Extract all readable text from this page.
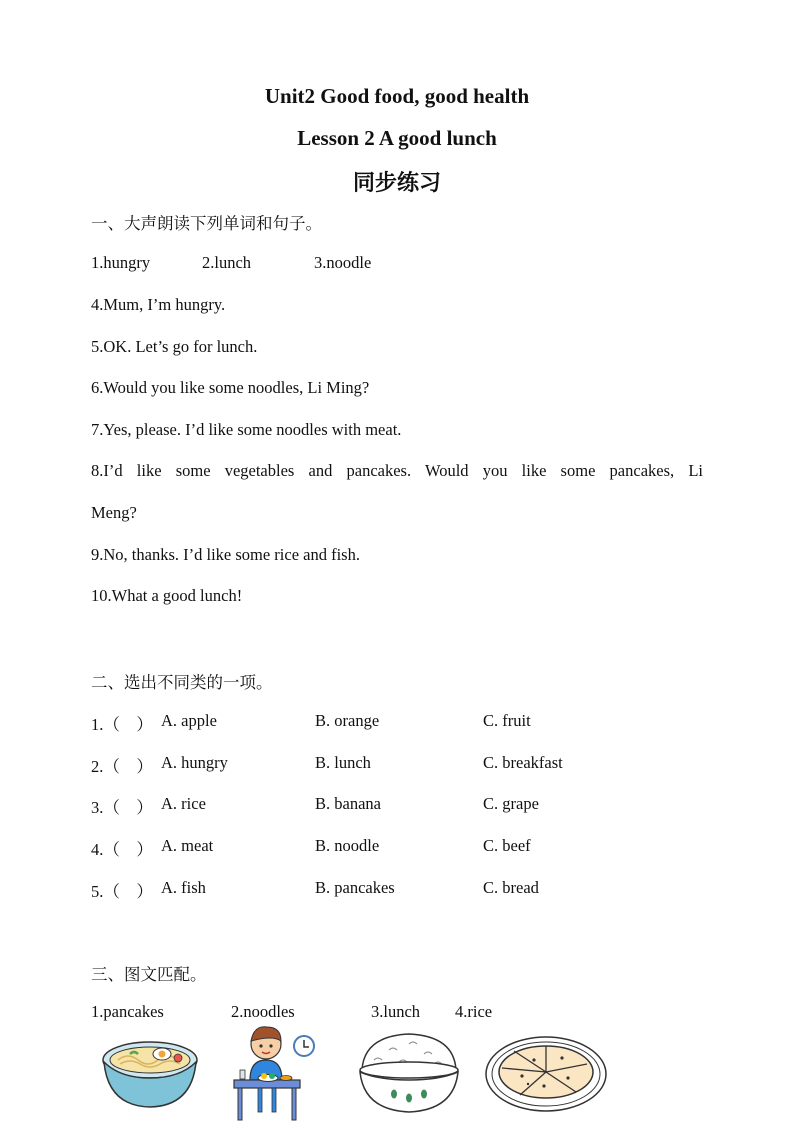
Unit2 Good food, good health
Lesson 2 A good lunch
同步练习
一、大声朗读下列单词和句子。
1.hungry	2.lunch	3.noodle
4.Mum, I’m hungry.
5.OK. Let’s go for lunch.
6.Would you like some noodles, Li Ming?
7.Yes, please. I’d like some noodles with meat.
8.I’d like some vegetables and pancakes. Would you like some pancakes, Li
Meng?
9.No, thanks. I’d like some rice and fish.
10.What a good lunch!
二、选出不同类的一项。
1.（　） A. apple	B. orange	C. fruit
2.（　） A. hungry	B. lunch	C. breakfast
3.（　） A. rice	B. banana	C. grape
4.（　） A. meat	B. noodle	C. beef
5.（　） A. fish	B. pancakes	C. bread
三、图文匹配。
1.pancakes	2.noodles	3.lunch 4.rice
